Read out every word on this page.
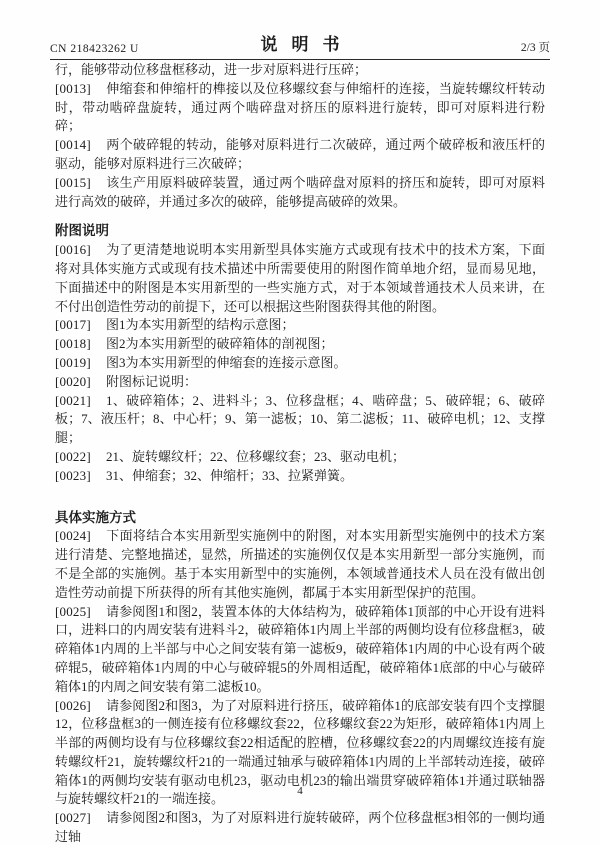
CN 218423262 U	说明书	2/3 页

行，能够带动位移盘框移动，进一步对原料进行压碎；

[0013] 伸缩套和伸缩杆的榫接以及位移螺纹套与伸缩杆的连接，当旋转螺纹杆转动时，带动啮碎盘旋转，通过两个啮碎盘对挤压的原料进行旋转，即可对原料进行粉碎；

[0014] 两个破碎辊的转动，能够对原料进行二次破碎，通过两个破碎板和液压杆的驱动，能够对原料进行三次破碎；

[0015] 该生产用原料破碎装置，通过两个啮碎盘对原料的挤压和旋转，即可对原料进行高效的破碎，并通过多次的破碎，能够提高破碎的效果。

附图说明

[0016] 为了更清楚地说明本实用新型具体实施方式或现有技术中的技术方案，下面将对具体实施方式或现有技术描述中所需要使用的附图作简单地介绍，显而易见地，下面描述中的附图是本实用新型的一些实施方式，对于本领域普通技术人员来讲，在不付出创造性劳动的前提下，还可以根据这些附图获得其他的附图。

[0017] 图1为本实用新型的结构示意图；

[0018] 图2为本实用新型的破碎箱体的剖视图；

[0019] 图3为本实用新型的伸缩套的连接示意图。

[0020] 附图标记说明：

[0021] 1、破碎箱体；2、进料斗；3、位移盘框；4、啮碎盘；5、破碎辊；6、破碎板；7、液压杆；8、中心杆；9、第一滤板；10、第二滤板；11、破碎电机；12、支撑腿；

[0022] 21、旋转螺纹杆；22、位移螺纹套；23、驱动电机；

[0023] 31、伸缩套；32、伸缩杆；33、拉紧弹簧。

具体实施方式

[0024] 下面将结合本实用新型实施例中的附图，对本实用新型实施例中的技术方案进行清楚、完整地描述，显然，所描述的实施例仅仅是本实用新型一部分实施例，而不是全部的实施例。基于本实用新型中的实施例，本领域普通技术人员在没有做出创造性劳动前提下所获得的所有其他实施例，都属于本实用新型保护的范围。

[0025] 请参阅图1和图2，装置本体的大体结构为，破碎箱体1顶部的中心开设有进料口，进料口的内周安装有进料斗2，破碎箱体1内周上半部的两侧均设有位移盘框3，破碎箱体1内周的上半部与中心之间安装有第一滤板9，破碎箱体1内周的中心设有两个破碎辊5，破碎箱体1内周的中心与破碎辊5的外周相适配，破碎箱体1底部的中心与破碎箱体1的内周之间安装有第二滤板10。

[0026] 请参阅图2和图3，为了对原料进行挤压，破碎箱体1的底部安装有四个支撑腿12，位移盘框3的一侧连接有位移螺纹套22，位移螺纹套22为矩形，破碎箱体1内周上半部的两侧均设有与位移螺纹套22相适配的腔槽，位移螺纹套22的内周螺纹连接有旋转螺纹杆21，旋转螺纹杆21的一端通过轴承与破碎箱体1内周的上半部转动连接，破碎箱体1的两侧均安装有驱动电机23，驱动电机23的输出端贯穿破碎箱体1并通过联轴器与旋转螺纹杆21的一端连接。

[0027] 请参阅图2和图3，为了对原料进行旋转破碎，两个位移盘框3相邻的一侧均通过轴

4
